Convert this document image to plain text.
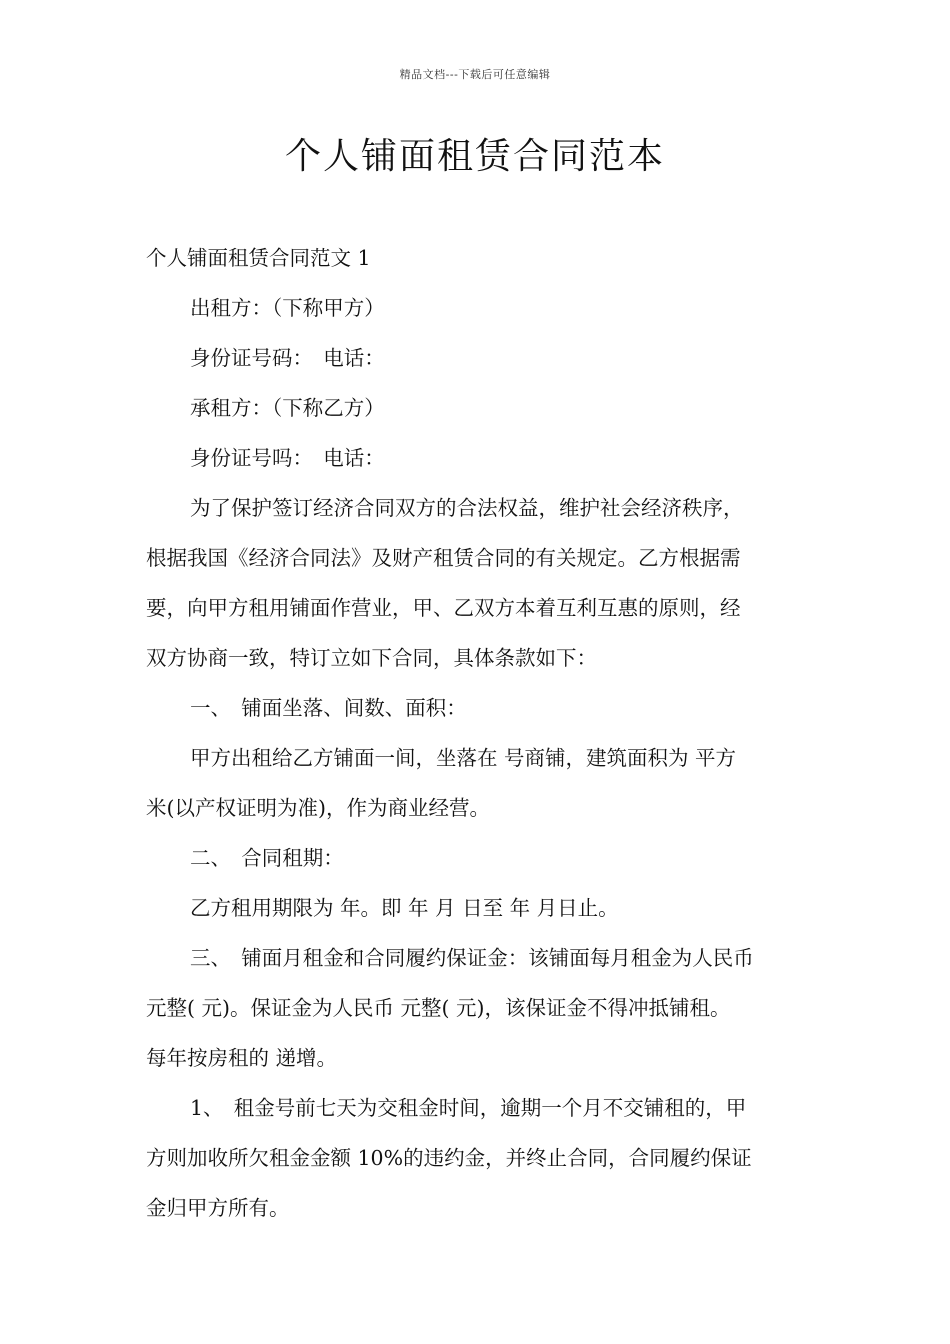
精品文档---下载后可任意编辑
个人铺面租赁合同范本
个人铺面租赁合同范文 1
出租方：（下称甲方）
身份证号码：　电话：
承租方：（下称乙方）
身份证号吗：　电话：
为了保护签订经济合同双方的合法权益，维护社会经济秩序，
根据我国《经济合同法》及财产租赁合同的有关规定。乙方根据需
要，向甲方租用铺面作营业，甲、乙双方本着互利互惠的原则，经
双方协商一致，特订立如下合同，具体条款如下：
一、　铺面坐落、间数、面积：
甲方出租给乙方铺面一间，坐落在 号商铺，建筑面积为 平方
米(以产权证明为准)，作为商业经营。
二、　合同租期：
乙方租用期限为 年。即 年 月 日至 年 月日止。
三、　铺面月租金和合同履约保证金：该铺面每月租金为人民币
元整( 元)。保证金为人民币 元整( 元)，该保证金不得冲抵铺租。
每年按房租的 递增。
1、　租金号前七天为交租金时间，逾期一个月不交铺租的，甲
方则加收所欠租金金额 10%的违约金，并终止合同，合同履约保证
金归甲方所有。
